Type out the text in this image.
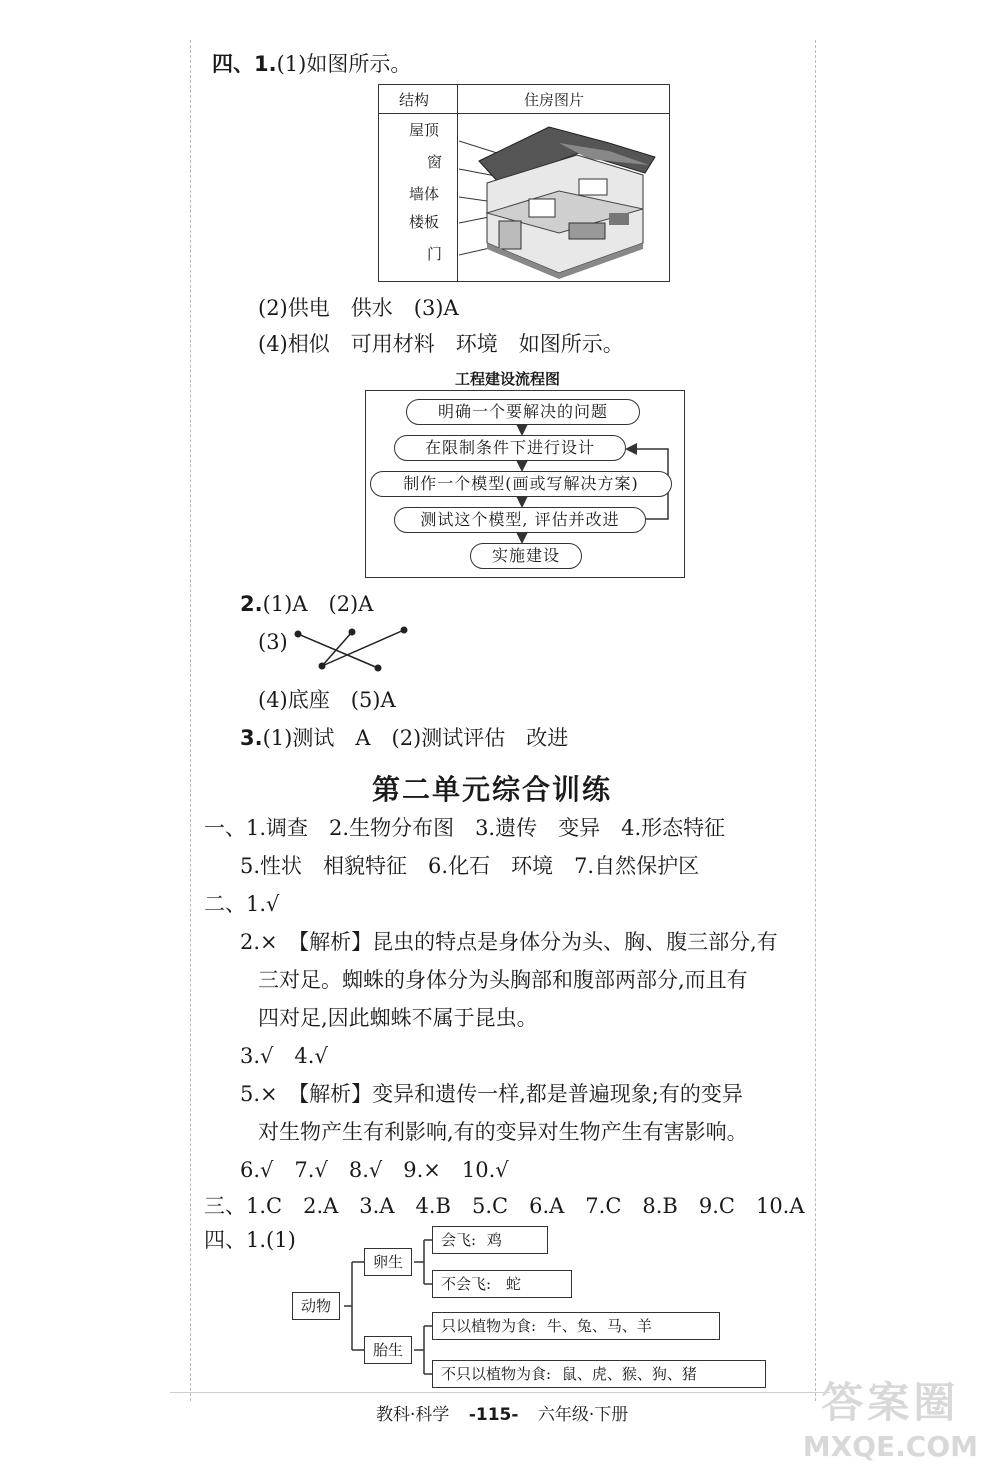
四、1.(1)如图所示。
结构	住房图片
屋顶
窗
墙体
楼板
门
(2)供电　供水　(3)A
(4)相似　可用材料　环境　如图所示。
工程建设流程图
明确一个要解决的问题
在限制条件下进行设计
制作一个模型(画或写解决方案)
测试这个模型, 评估并改进
实施建设
2.(1)A　(2)A
(3)
(4)底座　(5)A
3.(1)测试　A　(2)测试评估　改进
第二单元综合训练
一、1.调查　2.生物分布图　3.遗传　变异　4.形态特征
5.性状　相貌特征　6.化石　环境　7.自然保护区
二、1.√
2.×　【解析】昆虫的特点是身体分为头、胸、腹三部分,有
三对足。蜘蛛的身体分为头胸部和腹部两部分,而且有
四对足,因此蜘蛛不属于昆虫。
3.√　4.√
5.×　【解析】变异和遗传一样,都是普遍现象;有的变异
对生物产生有利影响,有的变异对生物产生有害影响。
6.√　7.√　8.√　9.×　10.√
三、1.C　2.A　3.A　4.B　5.C　6.A　7.C　8.B　9.C　10.A
四、1.(1)
动物
卵生
胎生
会飞: 鸡
不会飞: 蛇
只以植物为食: 牛、兔、马、羊
不只以植物为食: 鼠、虎、猴、狗、猪
教科·科学 -115- 六年级·下册	答案圈
MXQE.COM
